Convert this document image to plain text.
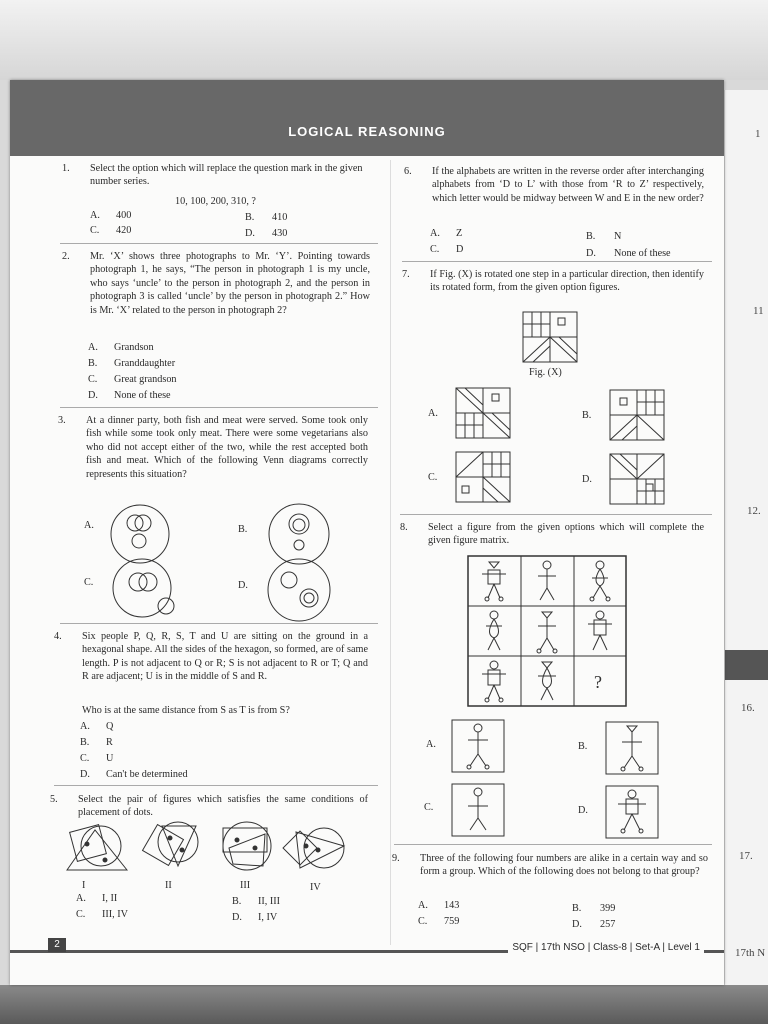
1
11
12.
16.
17.
17th N
LOGICAL REASONING
1. Select the option which will replace the question mark in the given number series.
10, 100, 200, 310, ?
A. 400	B. 410
C. 420	D. 430
2. Mr. ‘X’ shows three photographs to Mr. ‘Y’. Pointing towards photograph 1, he says, “The person in photograph 1 is my uncle, who says ‘uncle’ to the person in photograph 2, and the person in photograph 3 is called ‘uncle’ by the person in photograph 2.” How is Mr. ‘X’ related to the person in photograph 2?
A. Grandson
B. Granddaughter
C. Great grandson
D. None of these
3. At a dinner party, both fish and meat were served. Some took only fish while some took only meat. There were some vegetarians also who did not accept either of the two, while the rest accepted both fish and meat. Which of the following Venn diagrams correctly represents this situation?
A.	B.
C.	D.
4. Six people P, Q, R, S, T and U are sitting on the ground in a hexagonal shape. All the sides of the hexagon, so formed, are of same length. P is not adjacent to Q or R; S is not adjacent to R or T; Q and R are adjacent; U is in the middle of S and R.
Who is at the same distance from S as T is from S?
A. Q
B. R
C. U
D. Can't be determined
5. Select the pair of figures which satisfies the same conditions of placement of dots.
I	II	III	IV
A. I, II	B. II, III
C. III, IV	D. I, IV
6. If the alphabets are written in the reverse order after interchanging alphabets from ‘D to L’ with those from ‘R to Z’ respectively, which letter would be midway between W and E in the new order?
A. Z	B. N
C. D	D. None of these
7. If Fig. (X) is rotated one step in a particular direction, then identify its rotated form, from the given option figures.
Fig. (X)
A.	B.
C.	D.
8. Select a figure from the given options which will complete the given figure matrix.
?
A.	B.
C.	D.
9. Three of the following four numbers are alike in a certain way and so form a group. Which of the following does not belong to that group?
A. 143	B. 399
C. 759	D. 257
2	SQF | 17th NSO | Class-8 | Set-A | Level 1
